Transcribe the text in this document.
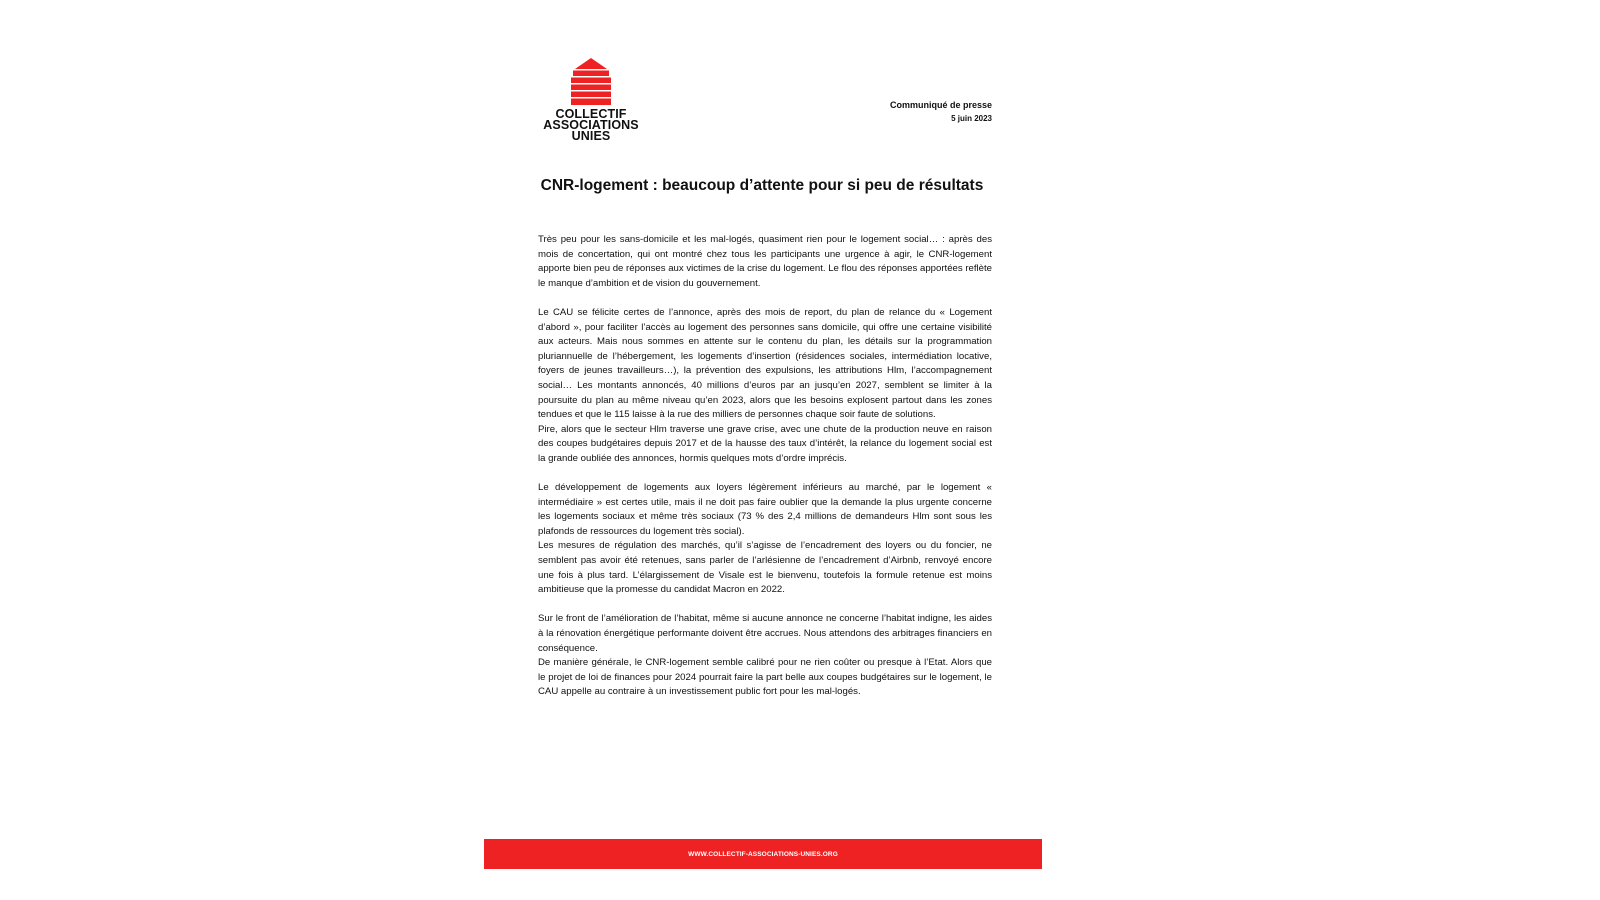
COLLECTIF
ASSOCIATIONS
UNIES
Communiqué de presse
5 juin 2023
CNR-logement : beaucoup d’attente pour si peu de résultats

Très peu pour les sans-domicile et les mal-logés, quasiment rien pour le logement social… : après des mois de concertation, qui ont montré chez tous les participants une urgence à agir, le CNR-logement apporte bien peu de réponses aux victimes de la crise du logement. Le flou des réponses apportées reflète le manque d’ambition et de vision du gouvernement.

Le CAU se félicite certes de l’annonce, après des mois de report, du plan de relance du « Logement d’abord », pour faciliter l’accès au logement des personnes sans domicile, qui offre une certaine visibilité aux acteurs. Mais nous sommes en attente sur le contenu du plan, les détails sur la programmation pluriannuelle de l’hébergement, les logements d’insertion (résidences sociales, intermédiation locative, foyers de jeunes travailleurs…), la prévention des expulsions, les attributions Hlm, l’accompagnement social… Les montants annoncés, 40 millions d’euros par an jusqu’en 2027, semblent se limiter à la poursuite du plan au même niveau qu’en 2023, alors que les besoins explosent partout dans les zones tendues et que le 115 laisse à la rue des milliers de personnes chaque soir faute de solutions.

Pire, alors que le secteur Hlm traverse une grave crise, avec une chute de la production neuve en raison des coupes budgétaires depuis 2017 et de la hausse des taux d’intérêt, la relance du logement social est la grande oubliée des annonces, hormis quelques mots d’ordre imprécis.

Le développement de logements aux loyers légèrement inférieurs au marché, par le logement « intermédiaire » est certes utile, mais il ne doit pas faire oublier que la demande la plus urgente concerne les logements sociaux et même très sociaux (73 % des 2,4 millions de demandeurs Hlm sont sous les plafonds de ressources du logement très social).

Les mesures de régulation des marchés, qu’il s’agisse de l’encadrement des loyers ou du foncier, ne semblent pas avoir été retenues, sans parler de l’arlésienne de l’encadrement d’Airbnb, renvoyé encore une fois à plus tard. L’élargissement de Visale est le bienvenu, toutefois la formule retenue est moins ambitieuse que la promesse du candidat Macron en 2022.

Sur le front de l’amélioration de l’habitat, même si aucune annonce ne concerne l’habitat indigne, les aides à la rénovation énergétique performante doivent être accrues. Nous attendons des arbitrages financiers en conséquence.

De manière générale, le CNR-logement semble calibré pour ne rien coûter ou presque à l’Etat. Alors que le projet de loi de finances pour 2024 pourrait faire la part belle aux coupes budgétaires sur le logement, le CAU appelle au contraire à un investissement public fort pour les mal-logés.

WWW.COLLECTIF-ASSOCIATIONS-UNIES.ORG
